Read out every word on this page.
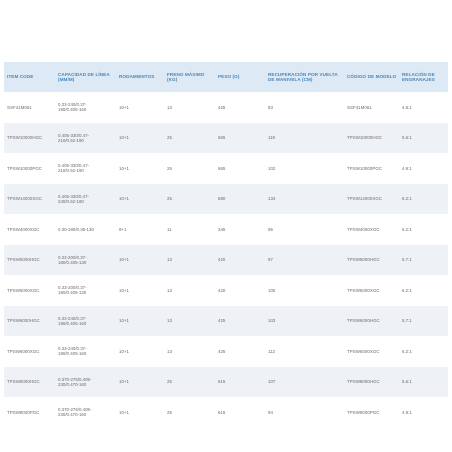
ITEM CODE	CAPACIDAD DE LÍNEA (MM/M)	RODAMIENTOS	FRENO MÁXIMO (KG)	PESO (G)	RECUPERACIÓN POR VUELTA DE MANIVELA (CM)	CÓDIGO DE MODELO	RELACIÓN DE ENGRANAJES
SSF41M061	0.33-240/0.37-
190/0.405-160	10+1	13	425	83	SSF41M061	4.8:1
TPSW10000HGC	0.405-330/0.47-
210/0.52-190	10+1	25	665	118	TPSW10000HGC	5.6:1
TPSW10000PGC	0.405-330/0.47-
210/0.52-190	10+1	25	665	102	TPSW10000PGC	4.9:1
TPSW14000XGC	0.405-330/0.47-
240/0.52-180	10+1	25	680	134	TPSW14000XGC	6.2:1
TPSW4000XGC	0.30-180/0.35-130	9+1	11	345	95	TPSW4000XGC	6.2:1
TPSW5000HGC	0.33-200/0.37-
180/0.405-130	10+1	13	420	97	TPSW5000HGC	5.7:1
TPSW5000XGC	0.33-200/0.37-
180/0.405-130	10+1	13	420	105	TPSW5000XGC	6.2:1
TPSW6000HGC	0.33-240/0.37-
190/0.405-160	10+1	13	425	103	TPSW6000HGC	5.7:1
TPSW6000XGC	0.33-240/0.37-
190/0.405-160	10+1	13	425	112	TPSW6000XGC	6.2:1
TPSW8000HGC	0.370-275/0.405-
230/0.470-160	10+1	25	615	107	TPSW8000HGC	5.6:1
TPSW8000PGC	0.370-275/0.405-
230/0.470-160	10+1	25	615	94	TPSW8000PGC	4.9:1
